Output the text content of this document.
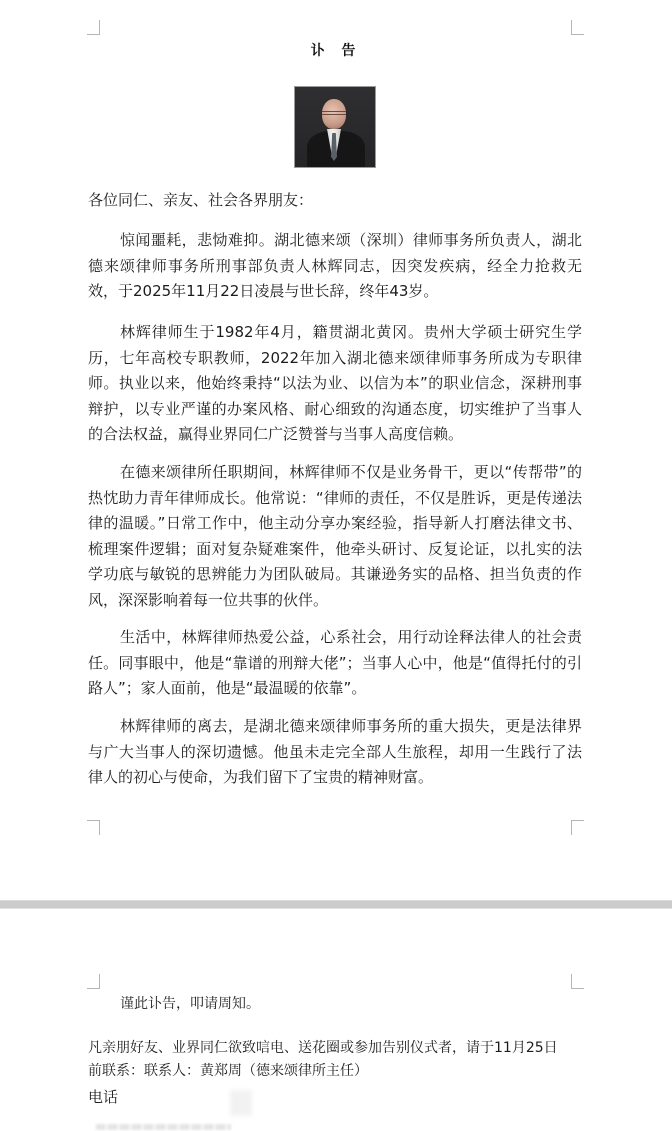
讣 告
各位同仁、亲友、社会各界朋友：

惊闻噩耗，悲恸难抑。湖北德来颂（深圳）律师事务所负责人，湖北德来颂律师事务所刑事部负责人林辉同志，因突发疾病，经全力抢救无效，于2025年11月22日凌晨与世长辞，终年43岁。

林辉律师生于1982年4月，籍贯湖北黄冈。贵州大学硕士研究生学历，七年高校专职教师，2022年加入湖北德来颂律师事务所成为专职律师。执业以来，他始终秉持“以法为业、以信为本”的职业信念，深耕刑事辩护，以专业严谨的办案风格、耐心细致的沟通态度，切实维护了当事人的合法权益，赢得业界同仁广泛赞誉与当事人高度信赖。

在德来颂律所任职期间，林辉律师不仅是业务骨干，更以“传帮带”的热忱助力青年律师成长。他常说：“律师的责任，不仅是胜诉，更是传递法律的温暖。”日常工作中，他主动分享办案经验，指导新人打磨法律文书、梳理案件逻辑；面对复杂疑难案件，他牵头研讨、反复论证，以扎实的法学功底与敏锐的思辨能力为团队破局。其谦逊务实的品格、担当负责的作风，深深影响着每一位共事的伙伴。

生活中，林辉律师热爱公益，心系社会，用行动诠释法律人的社会责任。同事眼中，他是“靠谱的刑辩大佬”；当事人心中，他是“值得托付的引路人”；家人面前，他是“最温暖的依靠”。

林辉律师的离去，是湖北德来颂律师事务所的重大损失，更是法律界与广大当事人的深切遗憾。他虽未走完全部人生旅程，却用一生践行了法律人的初心与使命，为我们留下了宝贵的精神财富。

谨此讣告，叩请周知。
凡亲朋好友、业界同仁欲致唁电、送花圈或参加告别仪式者，请于11月25日
前联系：联系人：黄郑周（德来颂律所主任）
电话
